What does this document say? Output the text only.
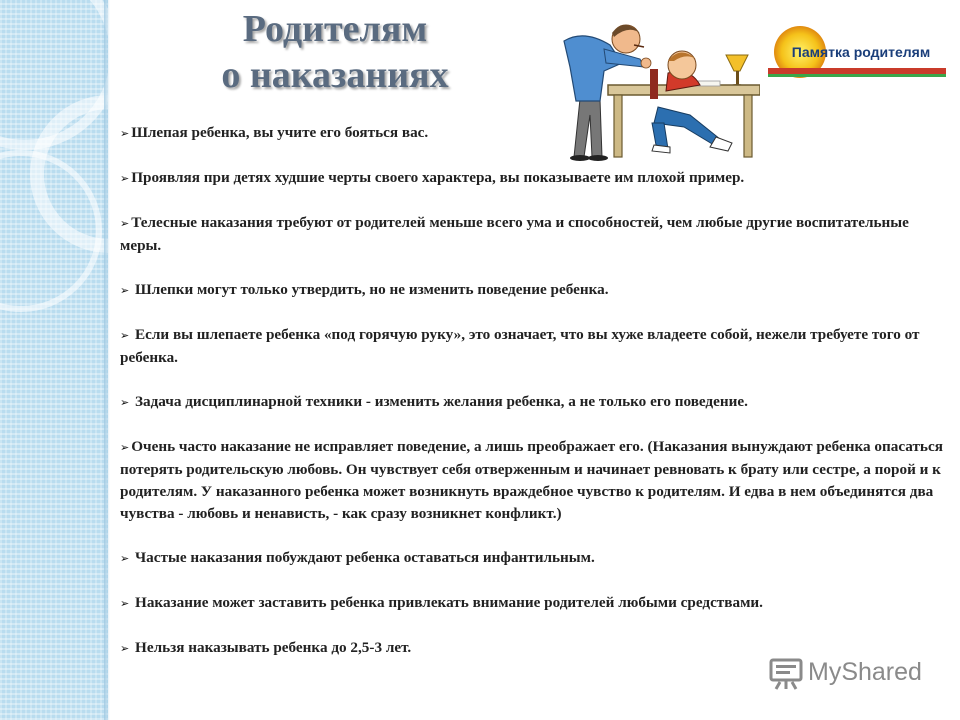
Родителям
о наказаниях
Памятка родителям

➢ Шлепая ребенка, вы учите его бояться вас.

➢ Проявляя при детях худшие черты своего характера, вы показываете им плохой пример.

➢ Телесные наказания требуют от родителей меньше всего ума и способностей, чем любые другие воспитательные меры.

➢ Шлепки могут только утвердить, но не изменить поведение ребенка.

➢ Если вы шлепаете ребенка «под горячую руку», это означает, что вы хуже владеете собой, нежели требуете того от ребенка.

➢ Задача дисциплинарной техники - изменить желания ребенка, а не только его поведение.

➢ Очень часто наказание не исправляет поведение, а лишь преображает его. (Наказания вынуждают ребенка опасаться потерять родительскую любовь. Он чувствует себя отверженным и начинает ревновать к брату или сестре, а порой и к родителям. У наказанного ребенка может возникнуть враждебное чувство к родителям. И едва в нем объединятся два чувства - любовь и ненависть, - как сразу возникнет конфликт.)

➢ Частые наказания побуждают ребенка оставаться инфантильным.

➢ Наказание может заставить ребенка привлекать внимание родителей любыми средствами.

➢ Нельзя наказывать ребенка до 2,5-3 лет.

MyShared
